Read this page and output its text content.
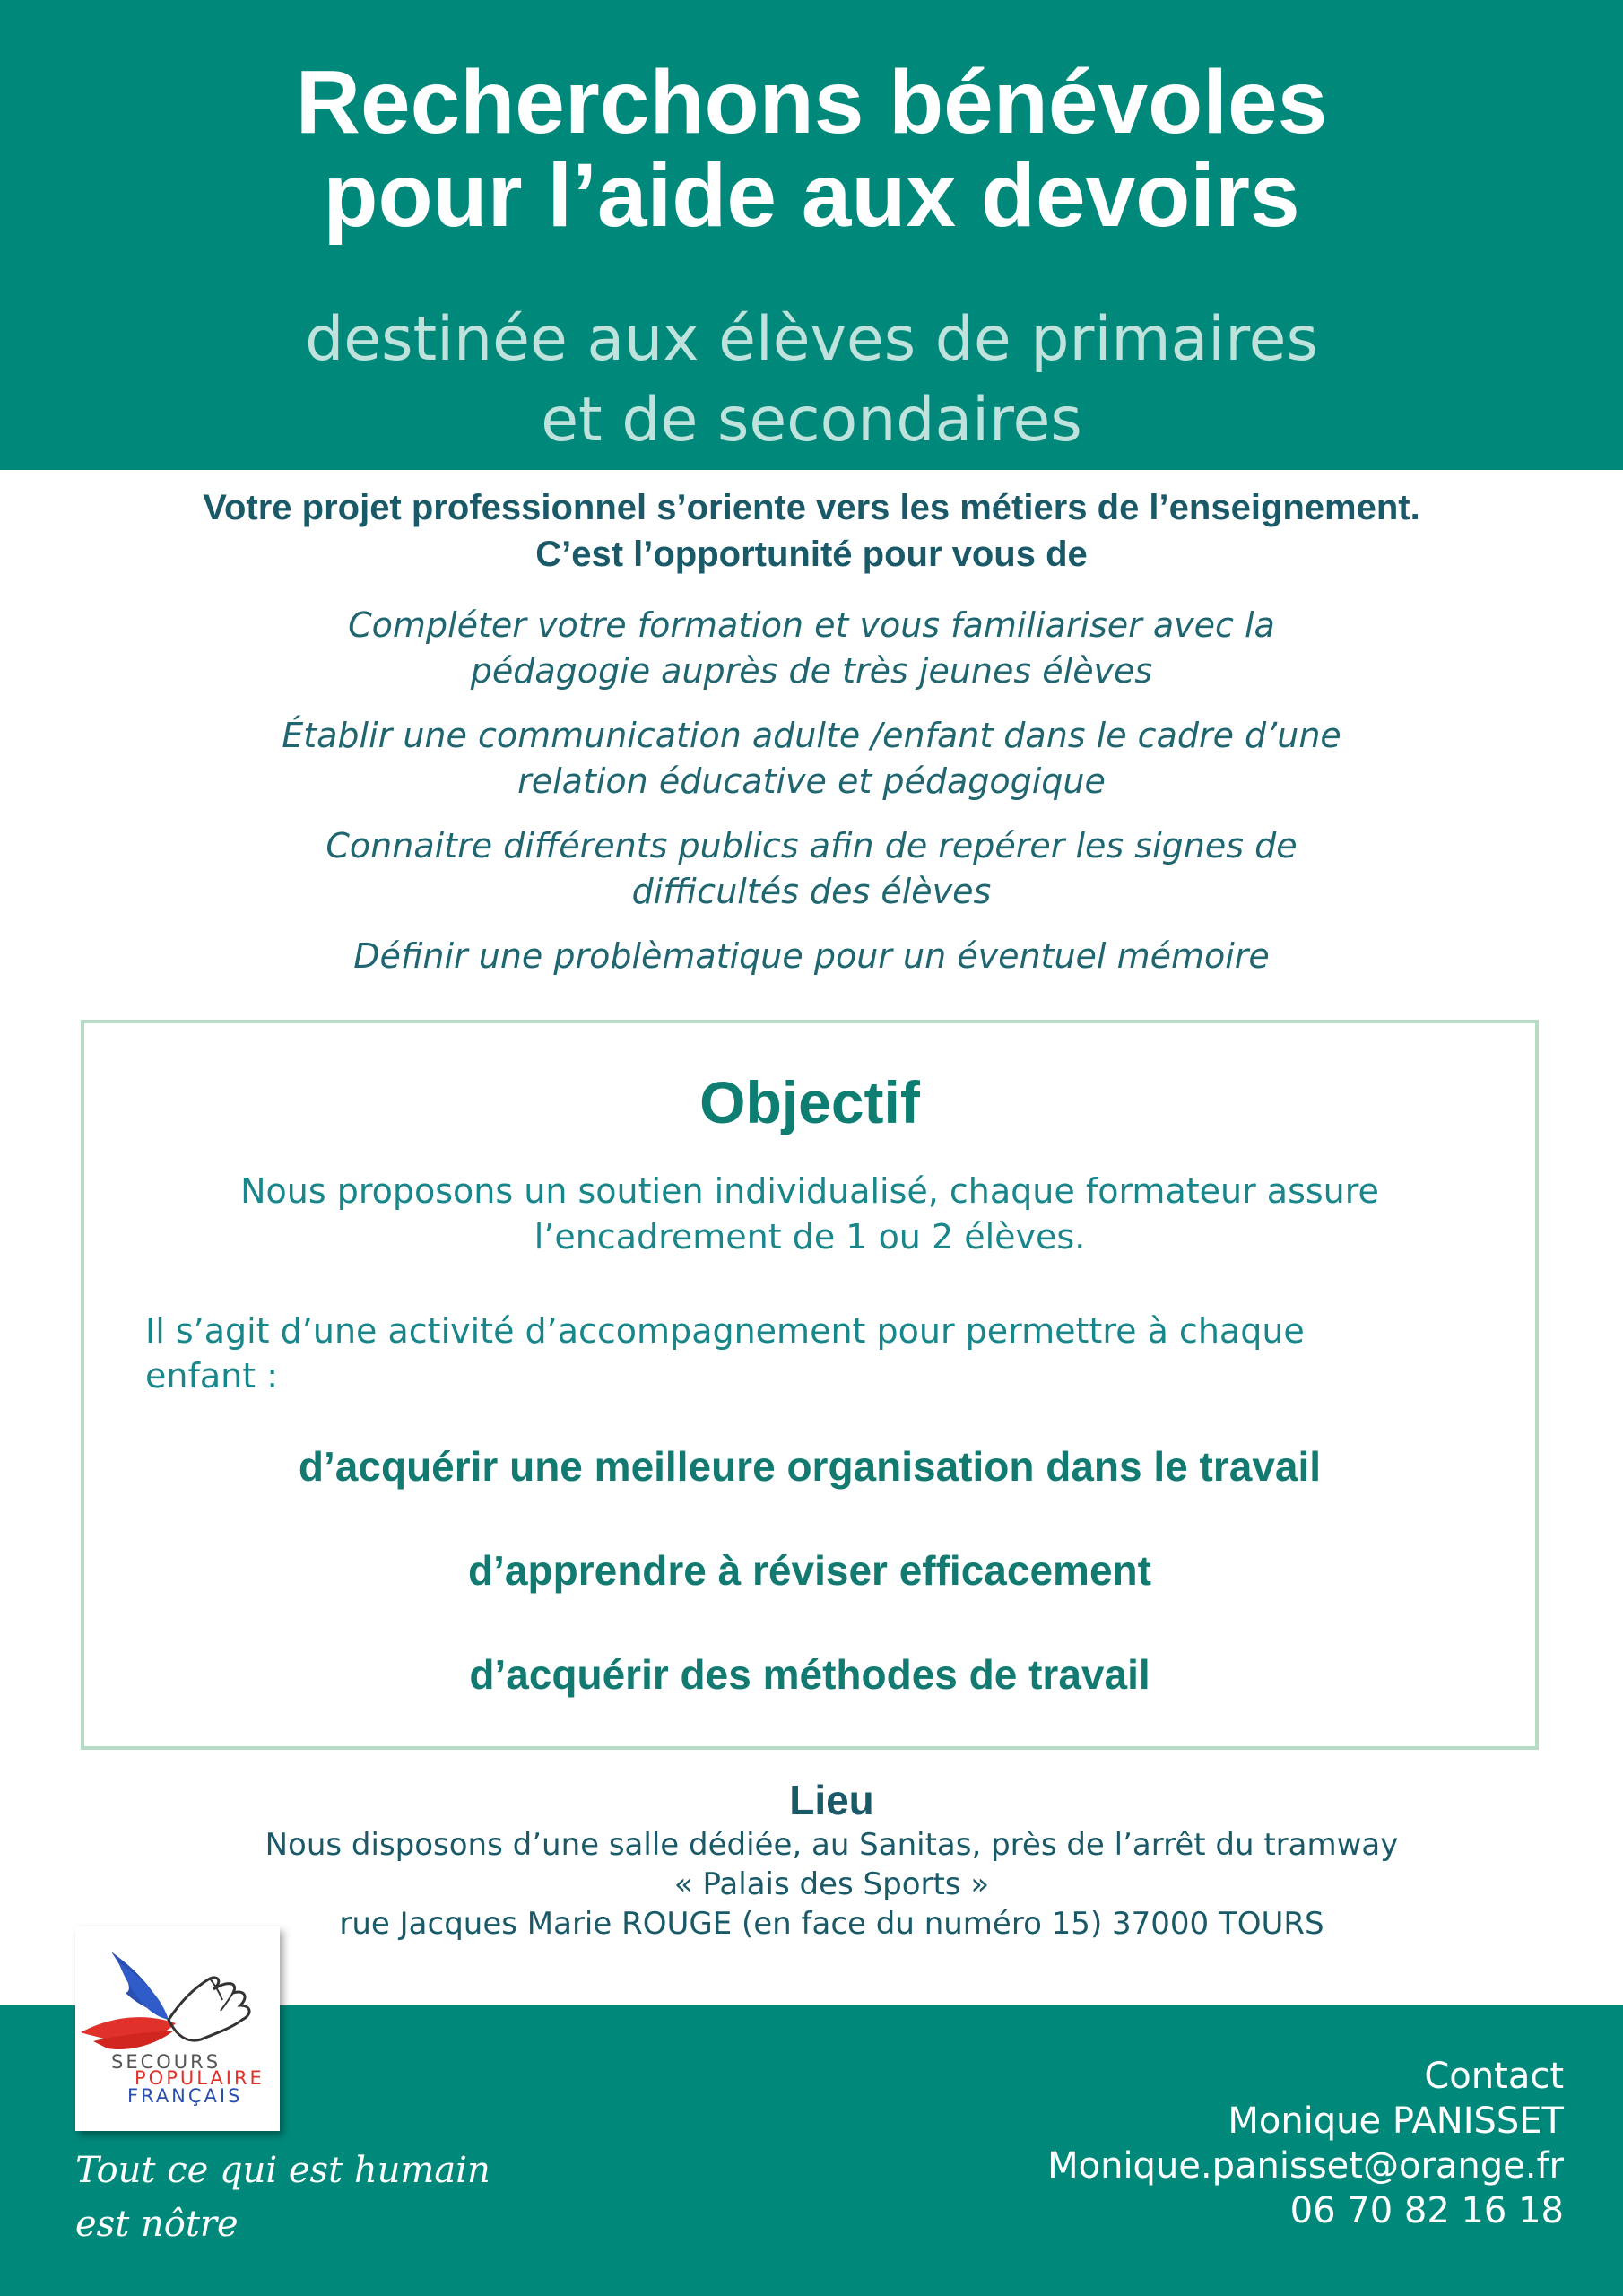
Recherchons bénévoles
pour l’aide aux devoirs
destinée aux élèves de primaires
et de secondaires
Votre projet professionnel s’oriente vers les métiers de l’enseignement.
C’est l’opportunité pour vous de

Compléter votre formation et vous familiariser avec la
pédagogie auprès de très jeunes élèves

Établir une communication adulte /enfant dans le cadre d’une
relation éducative et pédagogique

Connaitre différents publics afin de repérer les signes de
difficultés des élèves

Définir une problèmatique pour un éventuel mémoire

Objectif
Nous proposons un soutien individualisé, chaque formateur assure
l’encadrement de 1 ou 2 élèves.
Il s’agit d’une activité d’accompagnement pour permettre à chaque
enfant :
d’acquérir une meilleure organisation dans le travail
d’apprendre à réviser efficacement
d’acquérir des méthodes de travail
Lieu
Nous disposons d’une salle dédiée, au Sanitas, près de l’arrêt du tramway
« Palais des Sports »
rue Jacques Marie ROUGE (en face du numéro 15) 37000 TOURS
SECOURS
POPULAIRE
FRANÇAIS
Tout ce qui est humain
est nôtre
Contact
Monique PANISSET
Monique.panisset@orange.fr
06 70 82 16 18
